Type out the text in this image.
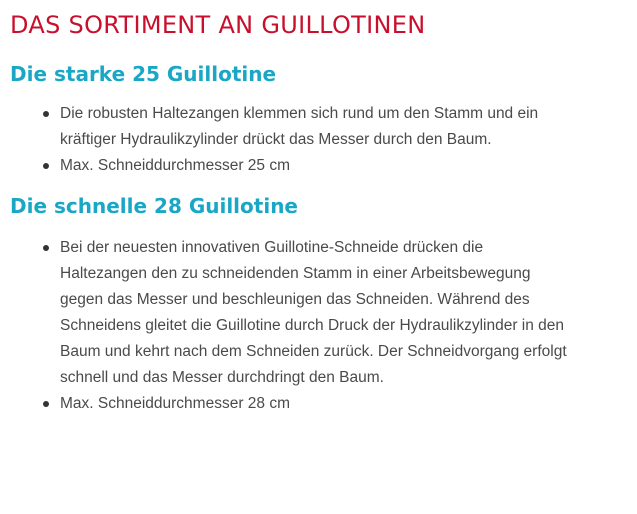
DAS SORTIMENT AN GUILLOTINEN
Die starke 25 Guillotine
Die robusten Haltezangen klemmen sich rund um den Stamm und ein kräftiger Hydraulikzylinder drückt das Messer durch den Baum.
Max. Schneiddurchmesser 25 cm
Die schnelle 28 Guillotine
Bei der neuesten innovativen Guillotine-Schneide drücken die Haltezangen den zu schneidenden Stamm in einer Arbeitsbewegung gegen das Messer und beschleunigen das Schneiden. Während des Schneidens gleitet die Guillotine durch Druck der Hydraulikzylinder in den Baum und kehrt nach dem Schneiden zurück. Der Schneidvorgang erfolgt schnell und das Messer durchdringt den Baum.
Max. Schneiddurchmesser 28 cm
